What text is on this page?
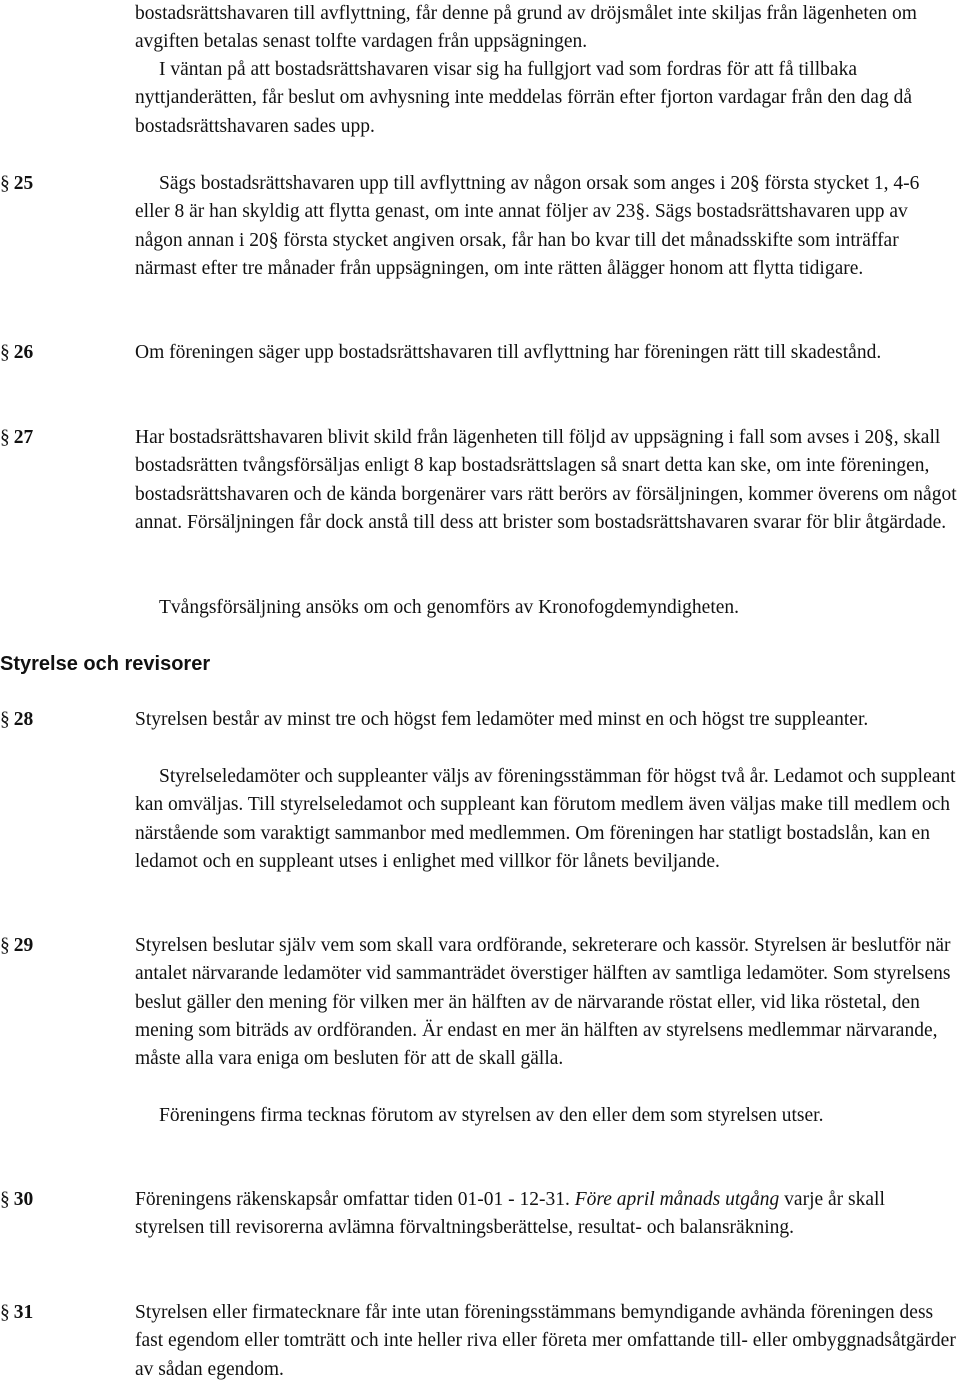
bostadsrättshavaren till avflyttning, får denne på grund av dröjsmålet inte skiljas från lägenheten om avgiften betalas senast tolfte vardagen från uppsägningen.

I väntan på att bostadsrättshavaren visar sig ha fullgjort vad som fordras för att få tillbaka nyttjanderätten, får beslut om avhysning inte meddelas förrän efter fjorton vardagar från den dag då bostadsrättshavaren sades upp.

§ 25	Sägs bostadsrättshavaren upp till avflyttning av någon orsak som anges i 20§ första stycket 1, 4-6 eller 8 är han skyldig att flytta genast, om inte annat följer av 23§. Sägs bostadsrättshavaren upp av någon annan i 20§ första stycket angiven orsak, får han bo kvar till det månadsskifte som inträffar närmast efter tre månader från uppsägningen, om inte rätten ålägger honom att flytta tidigare.

§ 26	Om föreningen säger upp bostadsrättshavaren till avflyttning har föreningen rätt till skadestånd.

§ 27	Har bostadsrättshavaren blivit skild från lägenheten till följd av uppsägning i fall som avses i 20§, skall bostadsrätten tvångsförsäljas enligt 8 kap bostadsrättslagen så snart detta kan ske, om inte föreningen, bostadsrättshavaren och de kända borgenärer vars rätt berörs av försäljningen, kommer överens om något annat. Försäljningen får dock anstå till dess att brister som bostadsrättshavaren svarar för blir åtgärdade.

Tvångsförsäljning ansöks om och genomförs av Kronofogdemyndigheten.

Styrelse och revisorer
§ 28	Styrelsen består av minst tre och högst fem ledamöter med minst en och högst tre suppleanter.

Styrelseledamöter och suppleanter väljs av föreningsstämman för högst två år. Ledamot och suppleant kan omväljas. Till styrelseledamot och suppleant kan förutom medlem även väljas make till medlem och närstående som varaktigt sammanbor med medlemmen. Om föreningen har statligt bostadslån, kan en ledamot och en suppleant utses i enlighet med villkor för lånets beviljande.

§ 29	Styrelsen beslutar själv vem som skall vara ordförande, sekreterare och kassör. Styrelsen är beslutför när antalet närvarande ledamöter vid sammanträdet överstiger hälften av samtliga ledamöter. Som styrelsens beslut gäller den mening för vilken mer än hälften av de närvarande röstat eller, vid lika röstetal, den mening som biträds av ordföranden. Är endast en mer än hälften av styrelsens medlemmar närvarande, måste alla vara eniga om besluten för att de skall gälla.

Föreningens firma tecknas förutom av styrelsen av den eller dem som styrelsen utser.

§ 30	Föreningens räkenskapsår omfattar tiden 01-01 - 12-31. Före april månads utgång varje år skall styrelsen till revisorerna avlämna förvaltningsberättelse, resultat- och balansräkning.

§ 31	Styrelsen eller firmatecknare får inte utan föreningsstämmans bemyndigande avhända föreningen dess fast egendom eller tomträtt och inte heller riva eller företa mer omfattande till- eller ombyggnadsåtgärder av sådan egendom.
